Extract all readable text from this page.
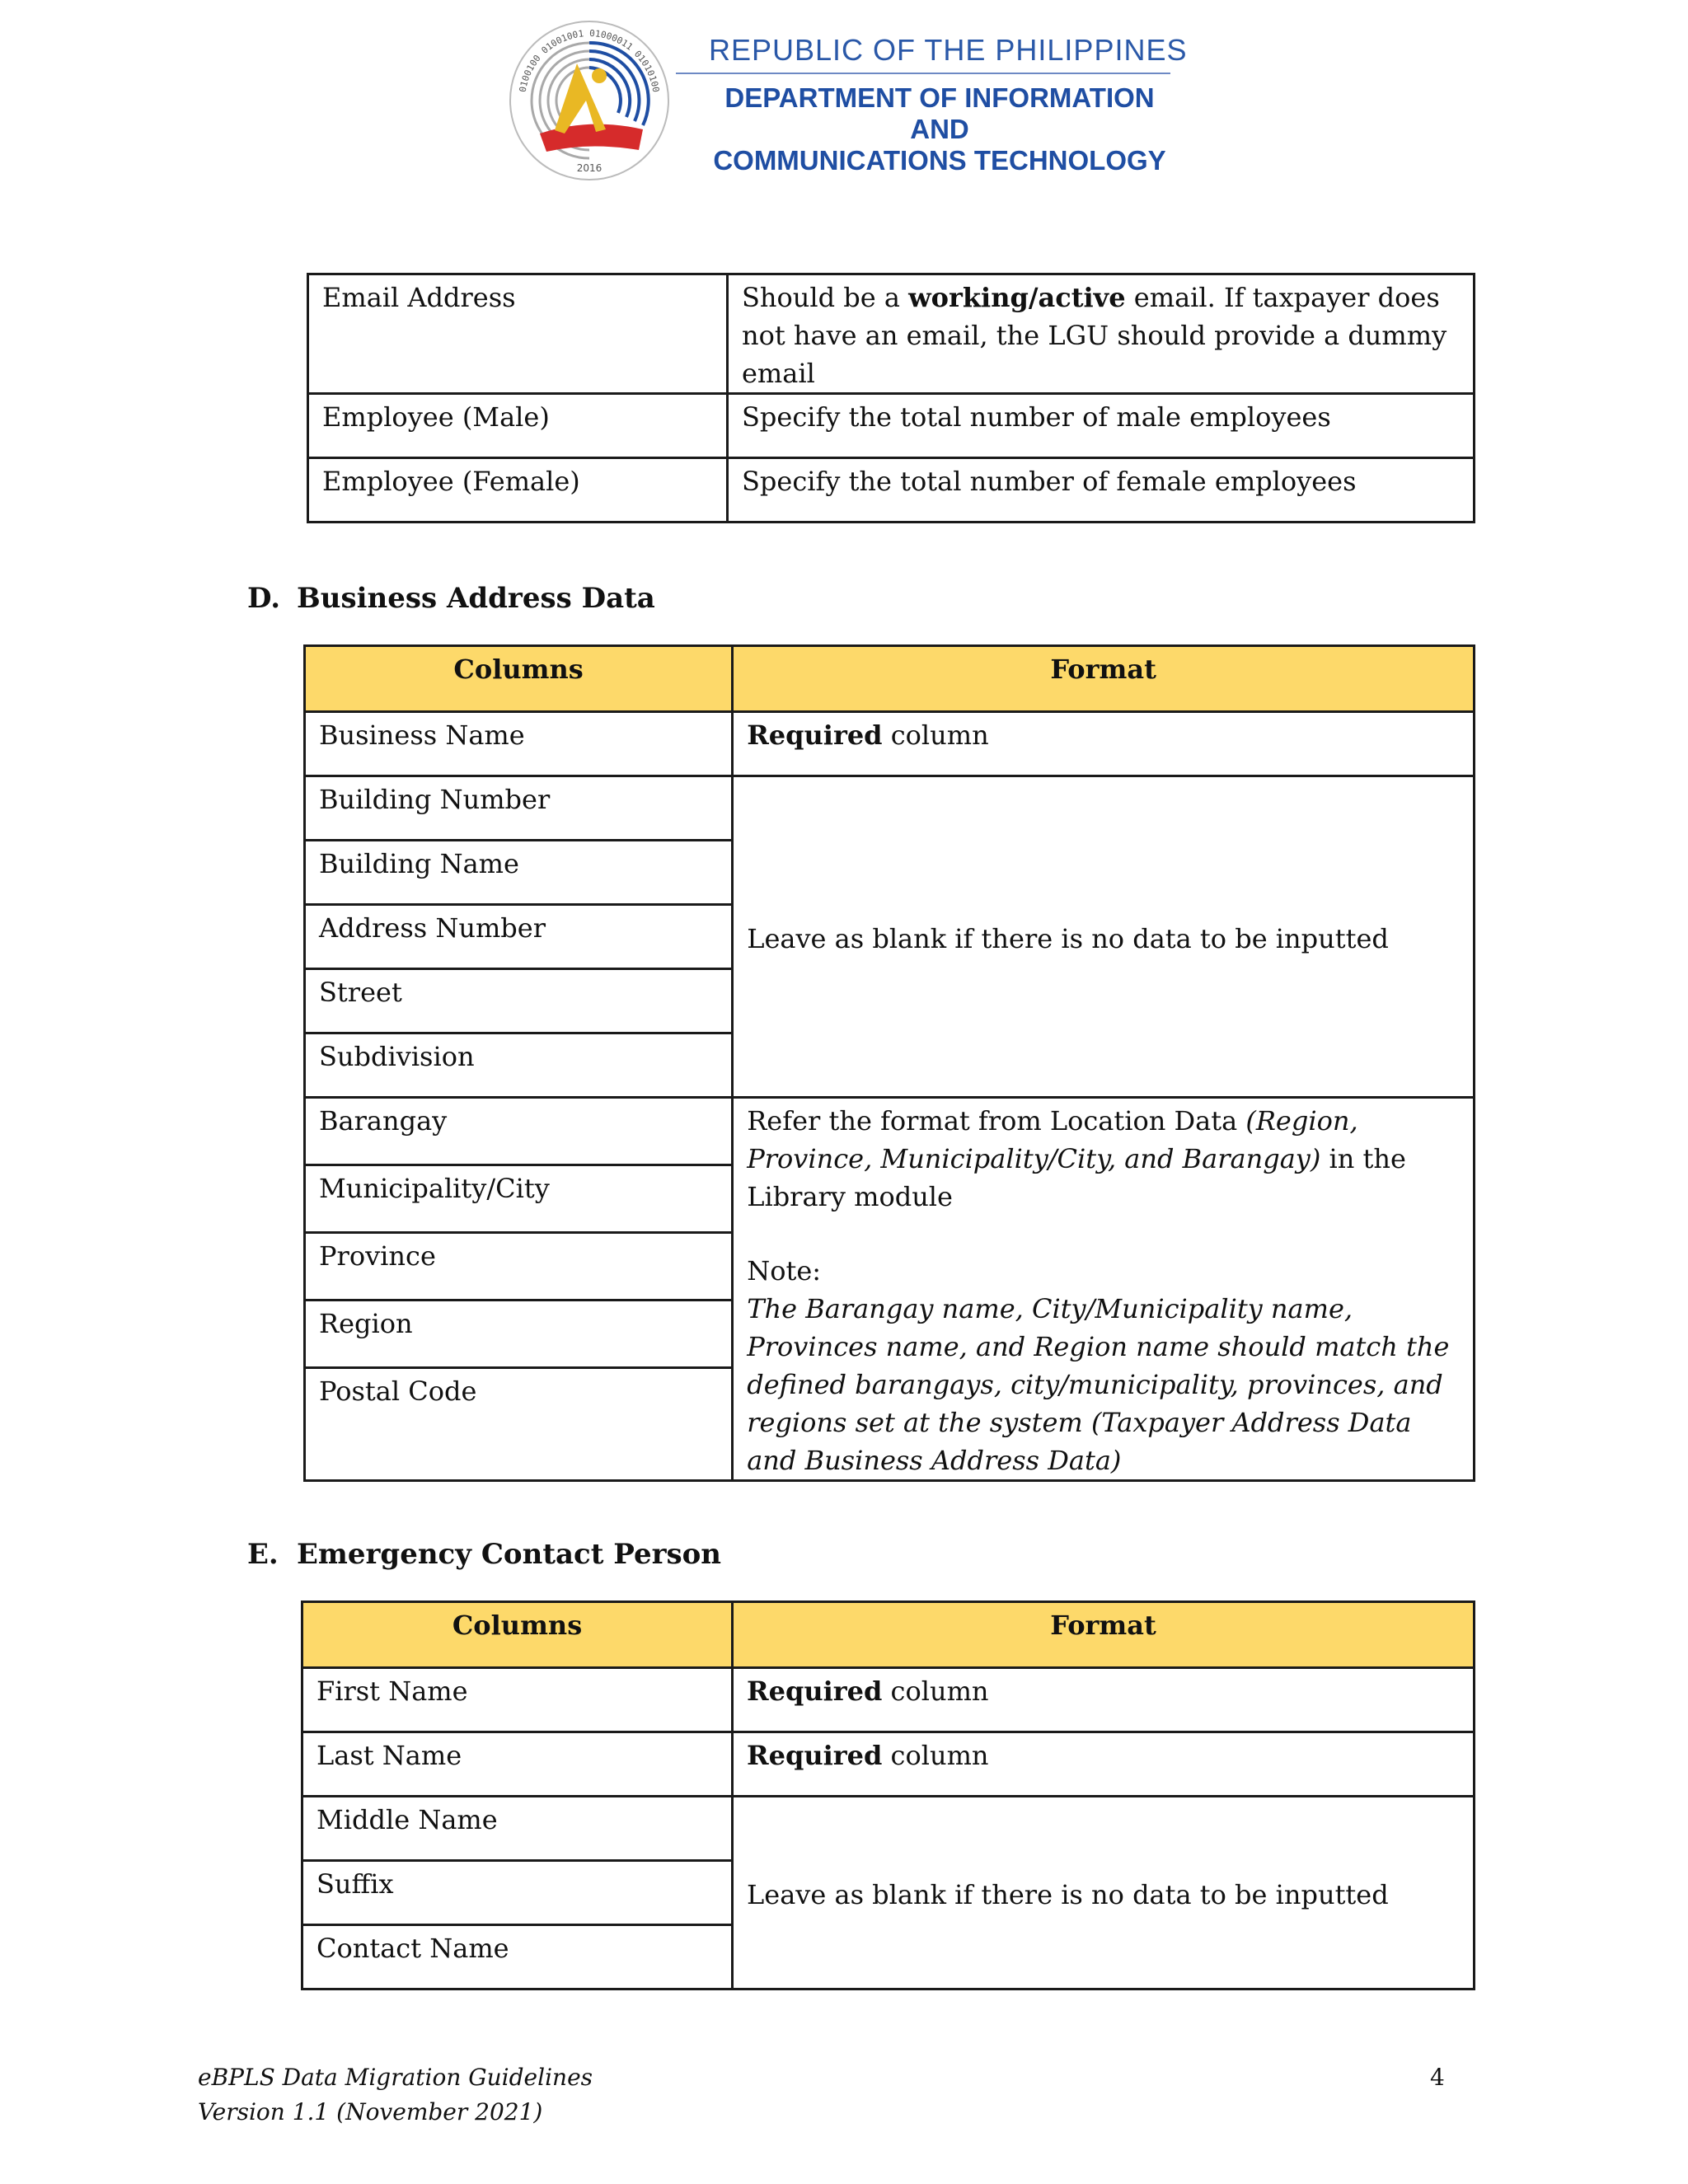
0100100 01001001 01000011 01010100
2016
REPUBLIC OF THE PHILIPPINES
DEPARTMENT OF INFORMATION AND
COMMUNICATIONS TECHNOLOGY
Email Address	Should be a working/active email. If taxpayer does not have an email, the LGU should provide a dummy email
Employee (Male)	Specify the total number of male employees
Employee (Female)	Specify the total number of female employees
D. Business Address Data
Columns	Format
Business Name	Required column
Building Number	Leave as blank if there is no data to be inputted
Building Name	
Address Number	
Street	
Subdivision	
Barangay	Refer the format from Location Data (Region, Province, Municipality/City, and Barangay) in the Library module
Note:
The Barangay name, City/Municipality name, Provinces name, and Region name should match the defined barangays, city/municipality, provinces, and regions set at the system (Taxpayer Address Data and Business Address Data)

Municipality/City	
Province	
Region	
Postal Code	
E. Emergency Contact Person
Columns	Format
First Name	Required column
Last Name	Required column
Middle Name	Leave as blank if there is no data to be inputted
Suffix	
Contact Name	
eBPLS Data Migration Guidelines
Version 1.1 (November 2021)
4
